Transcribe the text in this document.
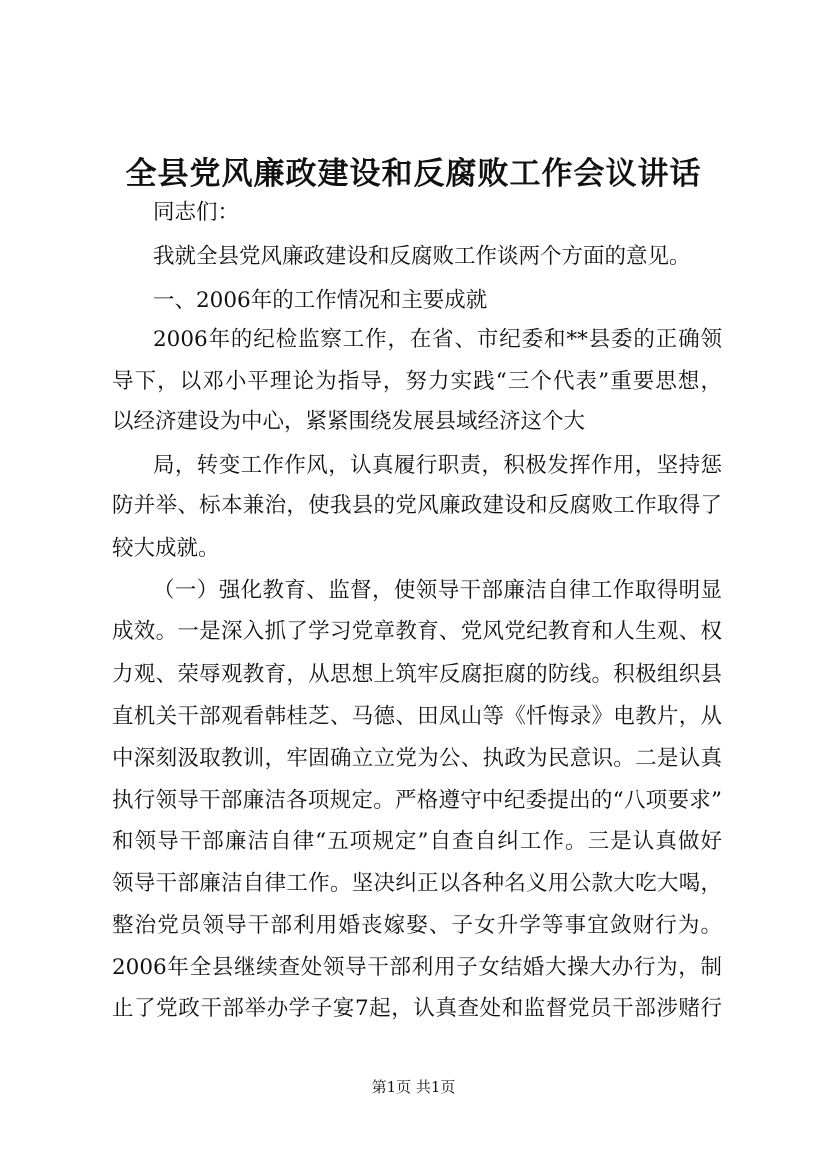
全县党风廉政建设和反腐败工作会议讲话
同志们：
我就全县党风廉政建设和反腐败工作谈两个方面的意见。
一、2006年的工作情况和主要成就
2006年的纪检监察工作，在省、市纪委和**县委的正确领
导下，以邓小平理论为指导，努力实践“三个代表”重要思想，
以经济建设为中心，紧紧围绕发展县域经济这个大
局，转变工作作风，认真履行职责，积极发挥作用，坚持惩
防并举、标本兼治，使我县的党风廉政建设和反腐败工作取得了
较大成就。
（一）强化教育、监督，使领导干部廉洁自律工作取得明显
成效。一是深入抓了学习党章教育、党风党纪教育和人生观、权
力观、荣辱观教育，从思想上筑牢反腐拒腐的防线。积极组织县
直机关干部观看韩桂芝、马德、田凤山等《忏悔录》电教片，从
中深刻汲取教训，牢固确立立党为公、执政为民意识。二是认真
执行领导干部廉洁各项规定。严格遵守中纪委提出的“八项要求”
和领导干部廉洁自律“五项规定”自查自纠工作。三是认真做好
领导干部廉洁自律工作。坚决纠正以各种名义用公款大吃大喝，
整治党员领导干部利用婚丧嫁娶、子女升学等事宜敛财行为。
2006年全县继续查处领导干部利用子女结婚大操大办行为，制
止了党政干部举办学子宴7起，认真查处和监督党员干部涉赌行
第1页 共1页
